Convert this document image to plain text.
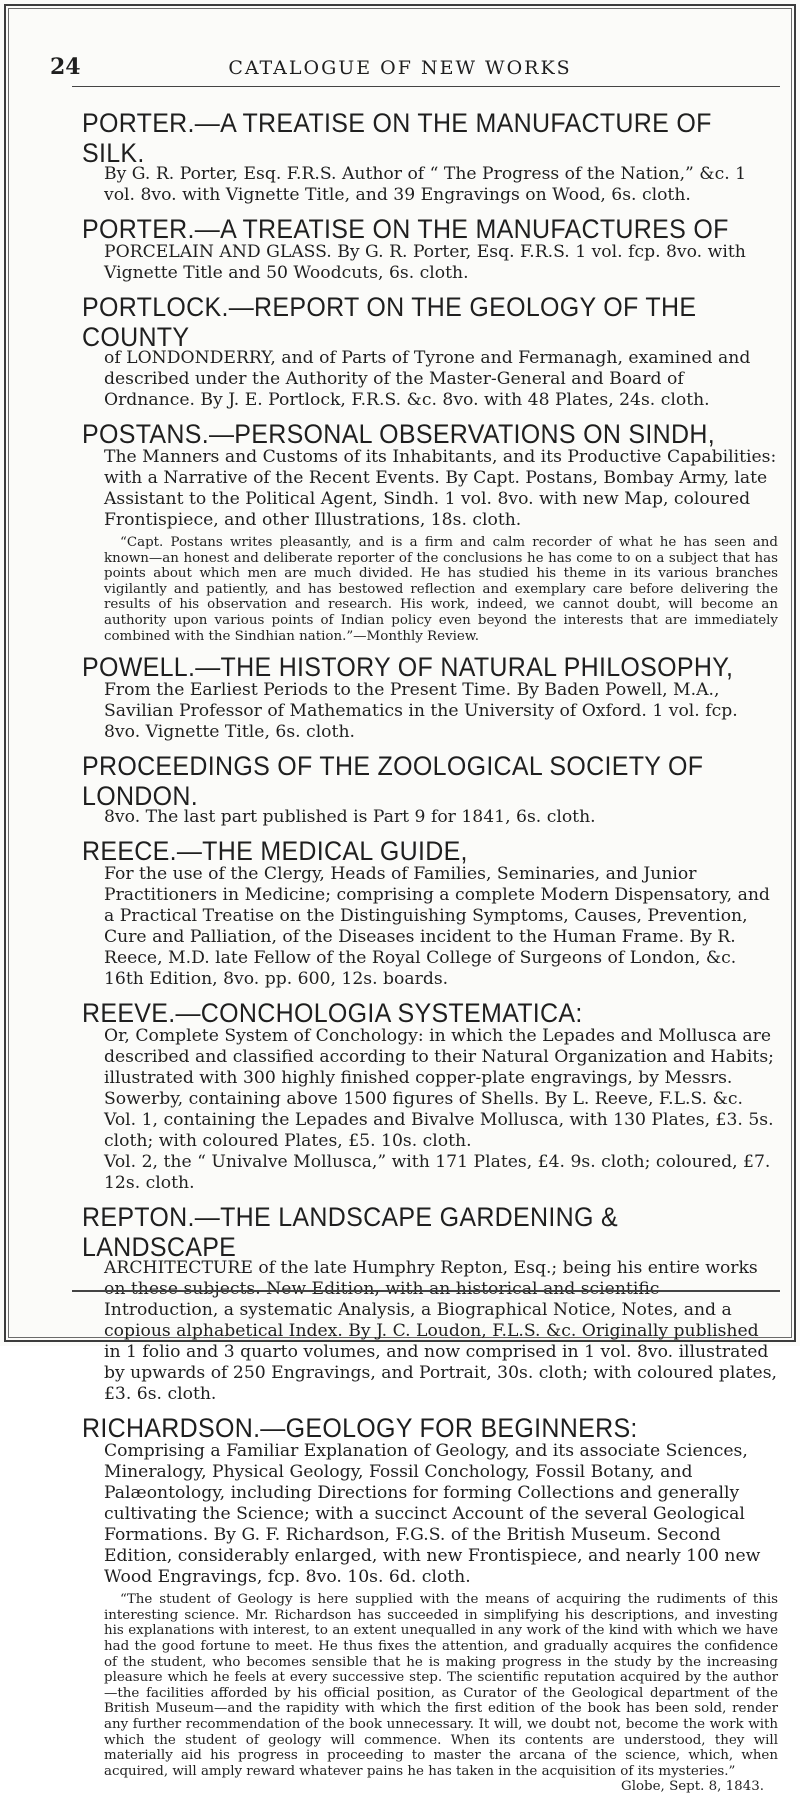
24	CATALOGUE OF NEW WORKS
PORTER.—A TREATISE ON THE MANUFACTURE OF SILK.

By G. R. Porter, Esq. F.R.S. Author of “ The Progress of the Nation,” &c. 1 vol. 8vo. with Vignette Title, and 39 Engravings on Wood, 6s. cloth.

PORTER.—A TREATISE ON THE MANUFACTURES OF

PORCELAIN AND GLASS. By G. R. Porter, Esq. F.R.S. 1 vol. fcp. 8vo. with Vignette Title and 50 Woodcuts, 6s. cloth.

PORTLOCK.—REPORT ON THE GEOLOGY OF THE COUNTY

of LONDONDERRY, and of Parts of Tyrone and Fermanagh, examined and described under the Authority of the Master-General and Board of Ordnance. By J. E. Portlock, F.R.S. &c. 8vo. with 48 Plates, 24s. cloth.

POSTANS.—PERSONAL OBSERVATIONS ON SINDH,

The Manners and Customs of its Inhabitants, and its Productive Capabilities: with a Narrative of the Recent Events. By Capt. Postans, Bombay Army, late Assistant to the Political Agent, Sindh. 1 vol. 8vo. with new Map, coloured Frontispiece, and other Illustrations, 18s. cloth.

“Capt. Postans writes pleasantly, and is a firm and calm recorder of what he has seen and known—an honest and deliberate reporter of the conclusions he has come to on a subject that has points about which men are much divided. He has studied his theme in its various branches vigilantly and patiently, and has bestowed reflection and exemplary care before delivering the results of his observation and research. His work, indeed, we cannot doubt, will become an authority upon various points of Indian policy even beyond the interests that are immediately combined with the Sindhian nation.”—Monthly Review.

POWELL.—THE HISTORY OF NATURAL PHILOSOPHY,

From the Earliest Periods to the Present Time. By Baden Powell, M.A., Savilian Professor of Mathematics in the University of Oxford. 1 vol. fcp. 8vo. Vignette Title, 6s. cloth.

PROCEEDINGS OF THE ZOOLOGICAL SOCIETY OF LONDON.

8vo. The last part published is Part 9 for 1841, 6s. cloth.

REECE.—THE MEDICAL GUIDE,

For the use of the Clergy, Heads of Families, Seminaries, and Junior Practitioners in Medicine; comprising a complete Modern Dispensatory, and a Practical Treatise on the Distinguishing Symptoms, Causes, Prevention, Cure and Palliation, of the Diseases incident to the Human Frame. By R. Reece, M.D. late Fellow of the Royal College of Surgeons of London, &c. 16th Edition, 8vo. pp. 600, 12s. boards.

REEVE.—CONCHOLOGIA SYSTEMATICA:

Or, Complete System of Conchology: in which the Lepades and Mollusca are described and classified according to their Natural Organization and Habits; illustrated with 300 highly finished copper-plate engravings, by Messrs. Sowerby, containing above 1500 figures of Shells. By L. Reeve, F.L.S. &c.

Vol. 1, containing the Lepades and Bivalve Mollusca, with 130 Plates, £3. 5s. cloth; with coloured Plates, £5. 10s. cloth.

Vol. 2, the “ Univalve Mollusca,” with 171 Plates, £4. 9s. cloth; coloured, £7. 12s. cloth.

REPTON.—THE LANDSCAPE GARDENING & LANDSCAPE

ARCHITECTURE of the late Humphry Repton, Esq.; being his entire works on these subjects. New Edition, with an historical and scientific Introduction, a systematic Analysis, a Biographical Notice, Notes, and a copious alphabetical Index. By J. C. Loudon, F.L.S. &c. Originally published in 1 folio and 3 quarto volumes, and now comprised in 1 vol. 8vo. illustrated by upwards of 250 Engravings, and Portrait, 30s. cloth; with coloured plates, £3. 6s. cloth.

RICHARDSON.—GEOLOGY FOR BEGINNERS:

Comprising a Familiar Explanation of Geology, and its associate Sciences, Mineralogy, Physical Geology, Fossil Conchology, Fossil Botany, and Palæontology, including Directions for forming Collections and generally cultivating the Science; with a succinct Account of the several Geological Formations. By G. F. Richardson, F.G.S. of the British Museum. Second Edition, considerably enlarged, with new Frontispiece, and nearly 100 new Wood Engravings, fcp. 8vo. 10s. 6d. cloth.

“The student of Geology is here supplied with the means of acquiring the rudiments of this interesting science. Mr. Richardson has succeeded in simplifying his descriptions, and investing his explanations with interest, to an extent unequalled in any work of the kind with which we have had the good fortune to meet. He thus fixes the attention, and gradually acquires the confidence of the student, who becomes sensible that he is making progress in the study by the increasing pleasure which he feels at every successive step. The scientific reputation acquired by the author—the facilities afforded by his official position, as Curator of the Geological department of the British Museum—and the rapidity with which the first edition of the book has been sold, render any further recommendation of the book unnecessary. It will, we doubt not, become the work with which the student of geology will commence. When its contents are understood, they will materially aid his progress in proceeding to master the arcana of the science, which, when acquired, will amply reward whatever pains he has taken in the acquisition of its mysteries.”
Globe, Sept. 8, 1843.
